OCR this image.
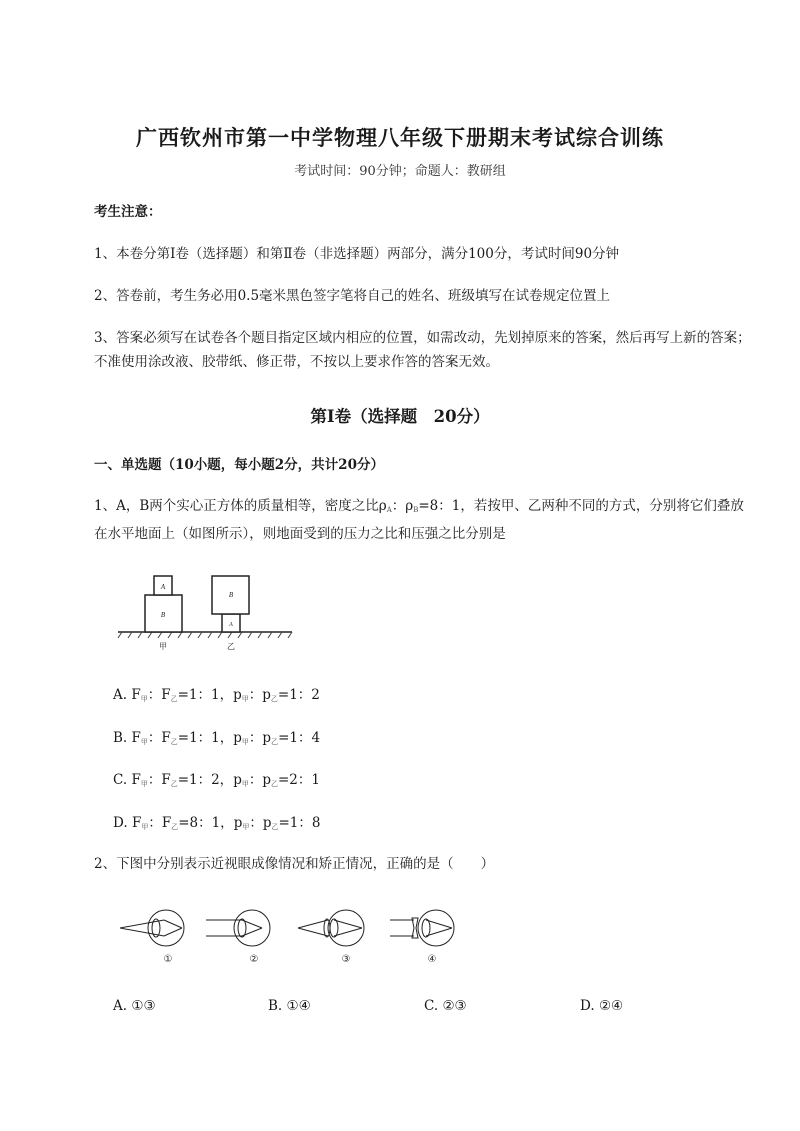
广西钦州市第一中学物理八年级下册期末考试综合训练
考试时间：90分钟；命题人：教研组
考生注意：
1、本卷分第I卷（选择题）和第Ⅱ卷（非选择题）两部分，满分100分，考试时间90分钟
2、答卷前，考生务必用0.5毫米黑色签字笔将自己的姓名、班级填写在试卷规定位置上
3、答案必须写在试卷各个题目指定区域内相应的位置，如需改动，先划掉原来的答案，然后再写上新的答案；不准使用涂改液、胶带纸、修正带，不按以上要求作答的答案无效。
第I卷（选择题　20分）
一、单选题（10小题，每小题2分，共计20分）
1、A，B两个实心正方体的质量相等，密度之比$\rho_A$：$\rho_B=8$：1，若按甲、乙两种不同的方式，分别将它们叠放在水平地面上（如图所示），则地面受到的压力之比和压强之比分别是
A
B
B
A
甲	乙
A. $F_甲$：$F_乙=1$：1，$p_甲$：$p_乙=1$：2
B. $F_甲$：$F_乙=1$：1，$p_甲$：$p_乙=1$：4
C. $F_甲$：$F_乙=1$：2，$p_甲$：$p_乙=2$：1
D. $F_甲$：$F_乙=8$：1，$p_甲$：$p_乙=1$：8
2、下图中分别表示近视眼成像情况和矫正情况，正确的是（　　）
①	②	③	④
A. ①③	B. ①④	C. ②③	D. ②④
